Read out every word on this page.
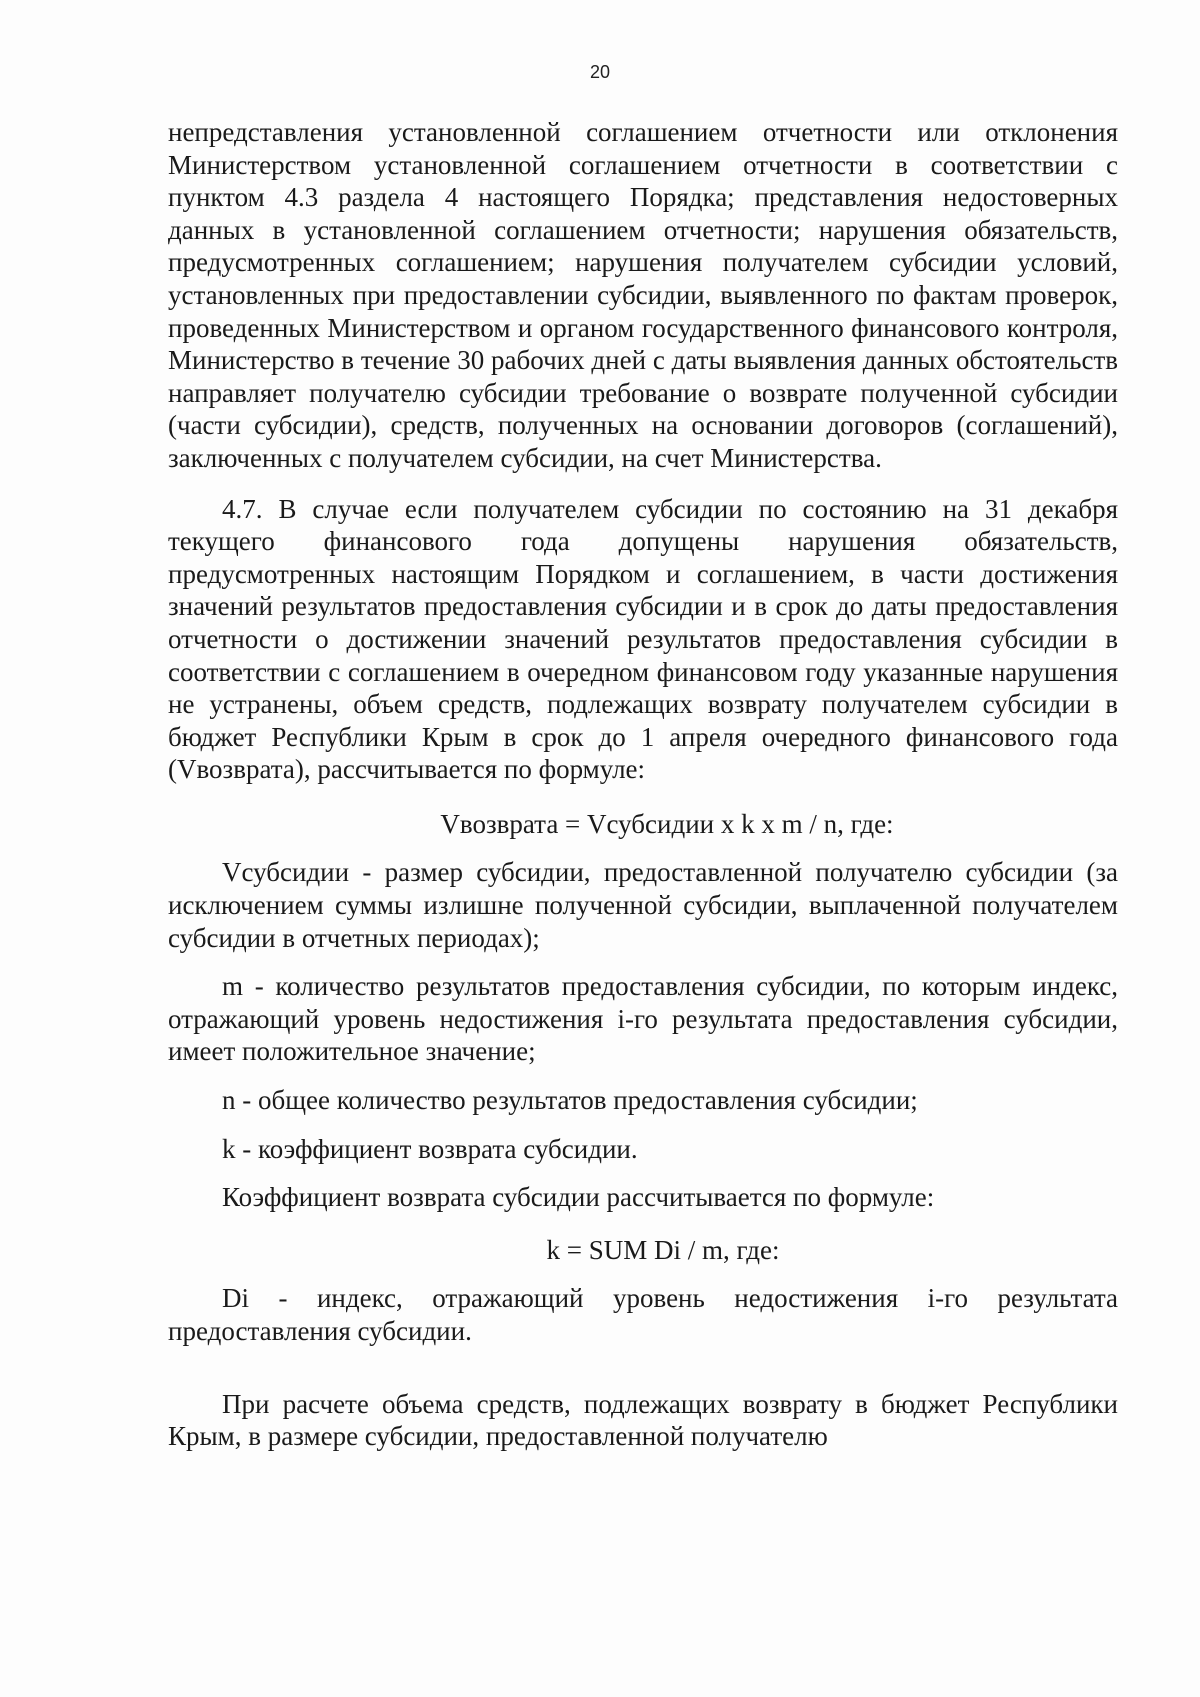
20

непредставления установленной соглашением отчетности или отклонения Министерством установленной соглашением отчетности в соответствии с пунктом 4.3 раздела 4 настоящего Порядка; представления недостоверных данных в установленной соглашением отчетности; нарушения обязательств, предусмотренных соглашением; нарушения получателем субсидии условий, установленных при предоставлении субсидии, выявленного по фактам проверок, проведенных Министерством и органом государственного финансового контроля, Министерство в течение 30 рабочих дней с даты выявления данных обстоятельств направляет получателю субсидии требование о возврате полученной субсидии (части субсидии), средств, полученных на основании договоров (соглашений), заключенных с получателем субсидии, на счет Министерства.

4.7. В случае если получателем субсидии по состоянию на 31 декабря текущего финансового года допущены нарушения обязательств, предусмотренных настоящим Порядком и соглашением, в части достижения значений результатов предоставления субсидии и в срок до даты предоставления отчетности о достижении значений результатов предоставления субсидии в соответствии с соглашением в очередном финансовом году указанные нарушения не устранены, объем средств, подлежащих возврату получателем субсидии в бюджет Республики Крым в срок до 1 апреля очередного финансового года (Vвозврата), рассчитывается по формуле:

Vвозврата = Vсубсидии x k x m / n, где:

Vсубсидии - размер субсидии, предоставленной получателю субсидии (за исключением суммы излишне полученной субсидии, выплаченной получателем субсидии в отчетных периодах);

m - количество результатов предоставления субсидии, по которым индекс, отражающий уровень недостижения i-го результата предоставления субсидии, имеет положительное значение;

n - общее количество результатов предоставления субсидии;

k - коэффициент возврата субсидии.

Коэффициент возврата субсидии рассчитывается по формуле:

k = SUM Di / m, где:

Di - индекс, отражающий уровень недостижения i-го результата предоставления субсидии.

При расчете объема средств, подлежащих возврату в бюджет Республики Крым, в размере субсидии, предоставленной получателю
